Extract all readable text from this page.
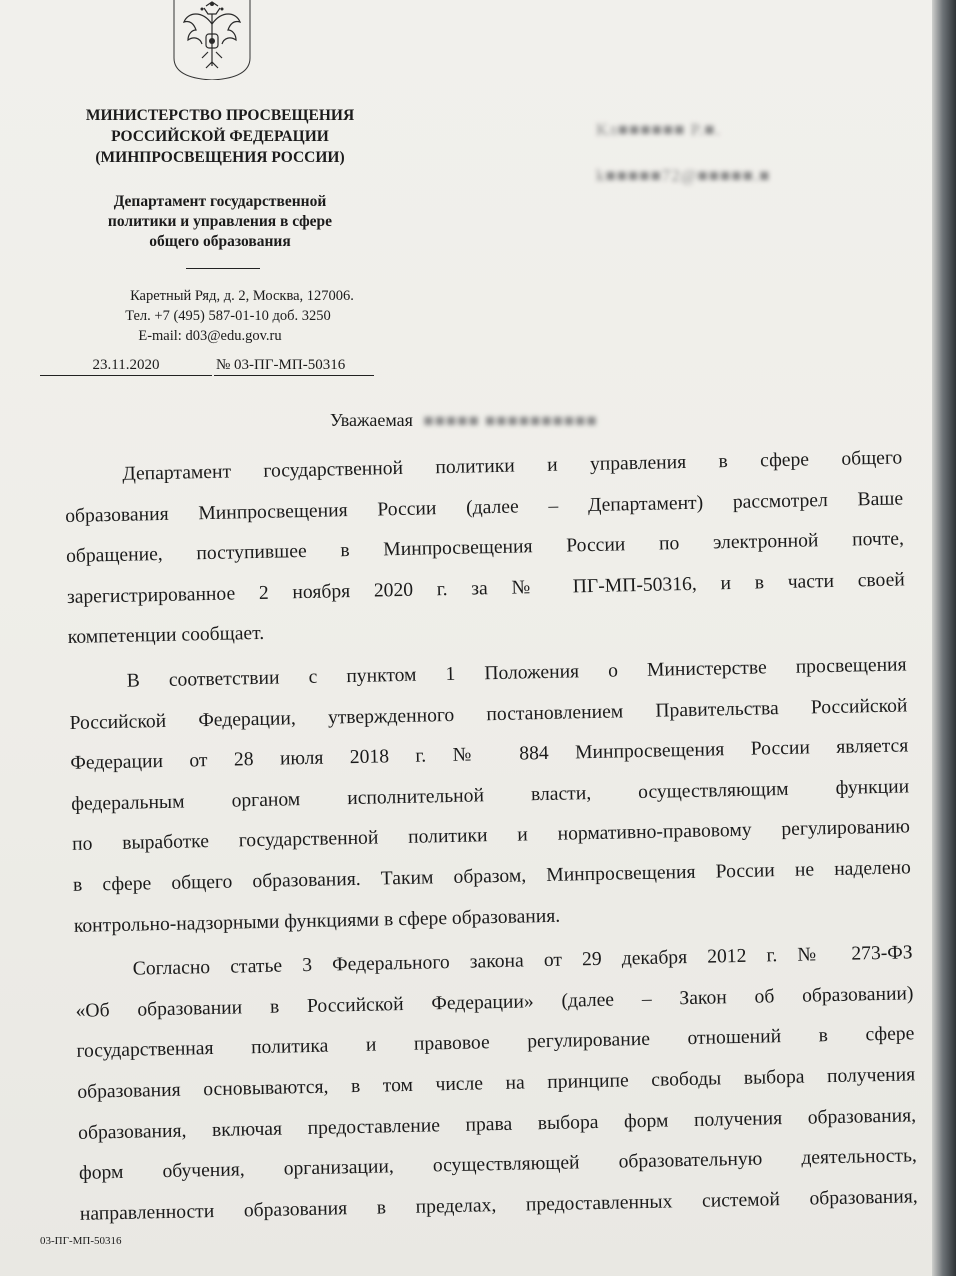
МИНИСТЕРСТВО ПРОСВЕЩЕНИЯ
РОССИЙСКОЙ ФЕДЕРАЦИИ
(МИНПРОСВЕЩЕНИЯ РОССИИ)
Департамент государственной
политики и управления в сфере
общего образования
Каретный Ряд, д. 2, Москва, 127006.
Тел. +7 (495) 587-01-10 доб. 3250
E-mail: d03@edu.gov.ru
23.11.2020	№ 03-ПГ-МП-50316
Кл■■■■■■ Р.■.
k■■■■■72@■■■■■.■
Уважаемая ■■■■■ ■■■■■■■■■■
Департамент государственной политики и управления в сфере общего
образования Минпросвещения России (далее – Департамент) рассмотрел Ваше
обращение, поступившее в Минпросвещения России по электронной почте,
зарегистрированное 2 ноября 2020 г. за № ПГ-МП-50316, и в части своей
компетенции сообщает.
В соответствии с пунктом 1 Положения о Министерстве просвещения
Российской Федерации, утвержденного постановлением Правительства Российской
Федерации от 28 июля 2018 г. № 884 Минпросвещения России является
федеральным органом исполнительной власти, осуществляющим функции
по выработке государственной политики и нормативно-правовому регулированию
в сфере общего образования. Таким образом, Минпросвещения России не наделено
контрольно-надзорными функциями в сфере образования.
Согласно статье 3 Федерального закона от 29 декабря 2012 г. № 273-ФЗ
«Об образовании в Российской Федерации» (далее – Закон об образовании)
государственная политика и правовое регулирование отношений в сфере
образования основываются, в том числе на принципе свободы выбора получения
образования, включая предоставление права выбора форм получения образования,
форм обучения, организации, осуществляющей образовательную деятельность,
направленности образования в пределах, предоставленных системой образования,
03-ПГ-МП-50316
